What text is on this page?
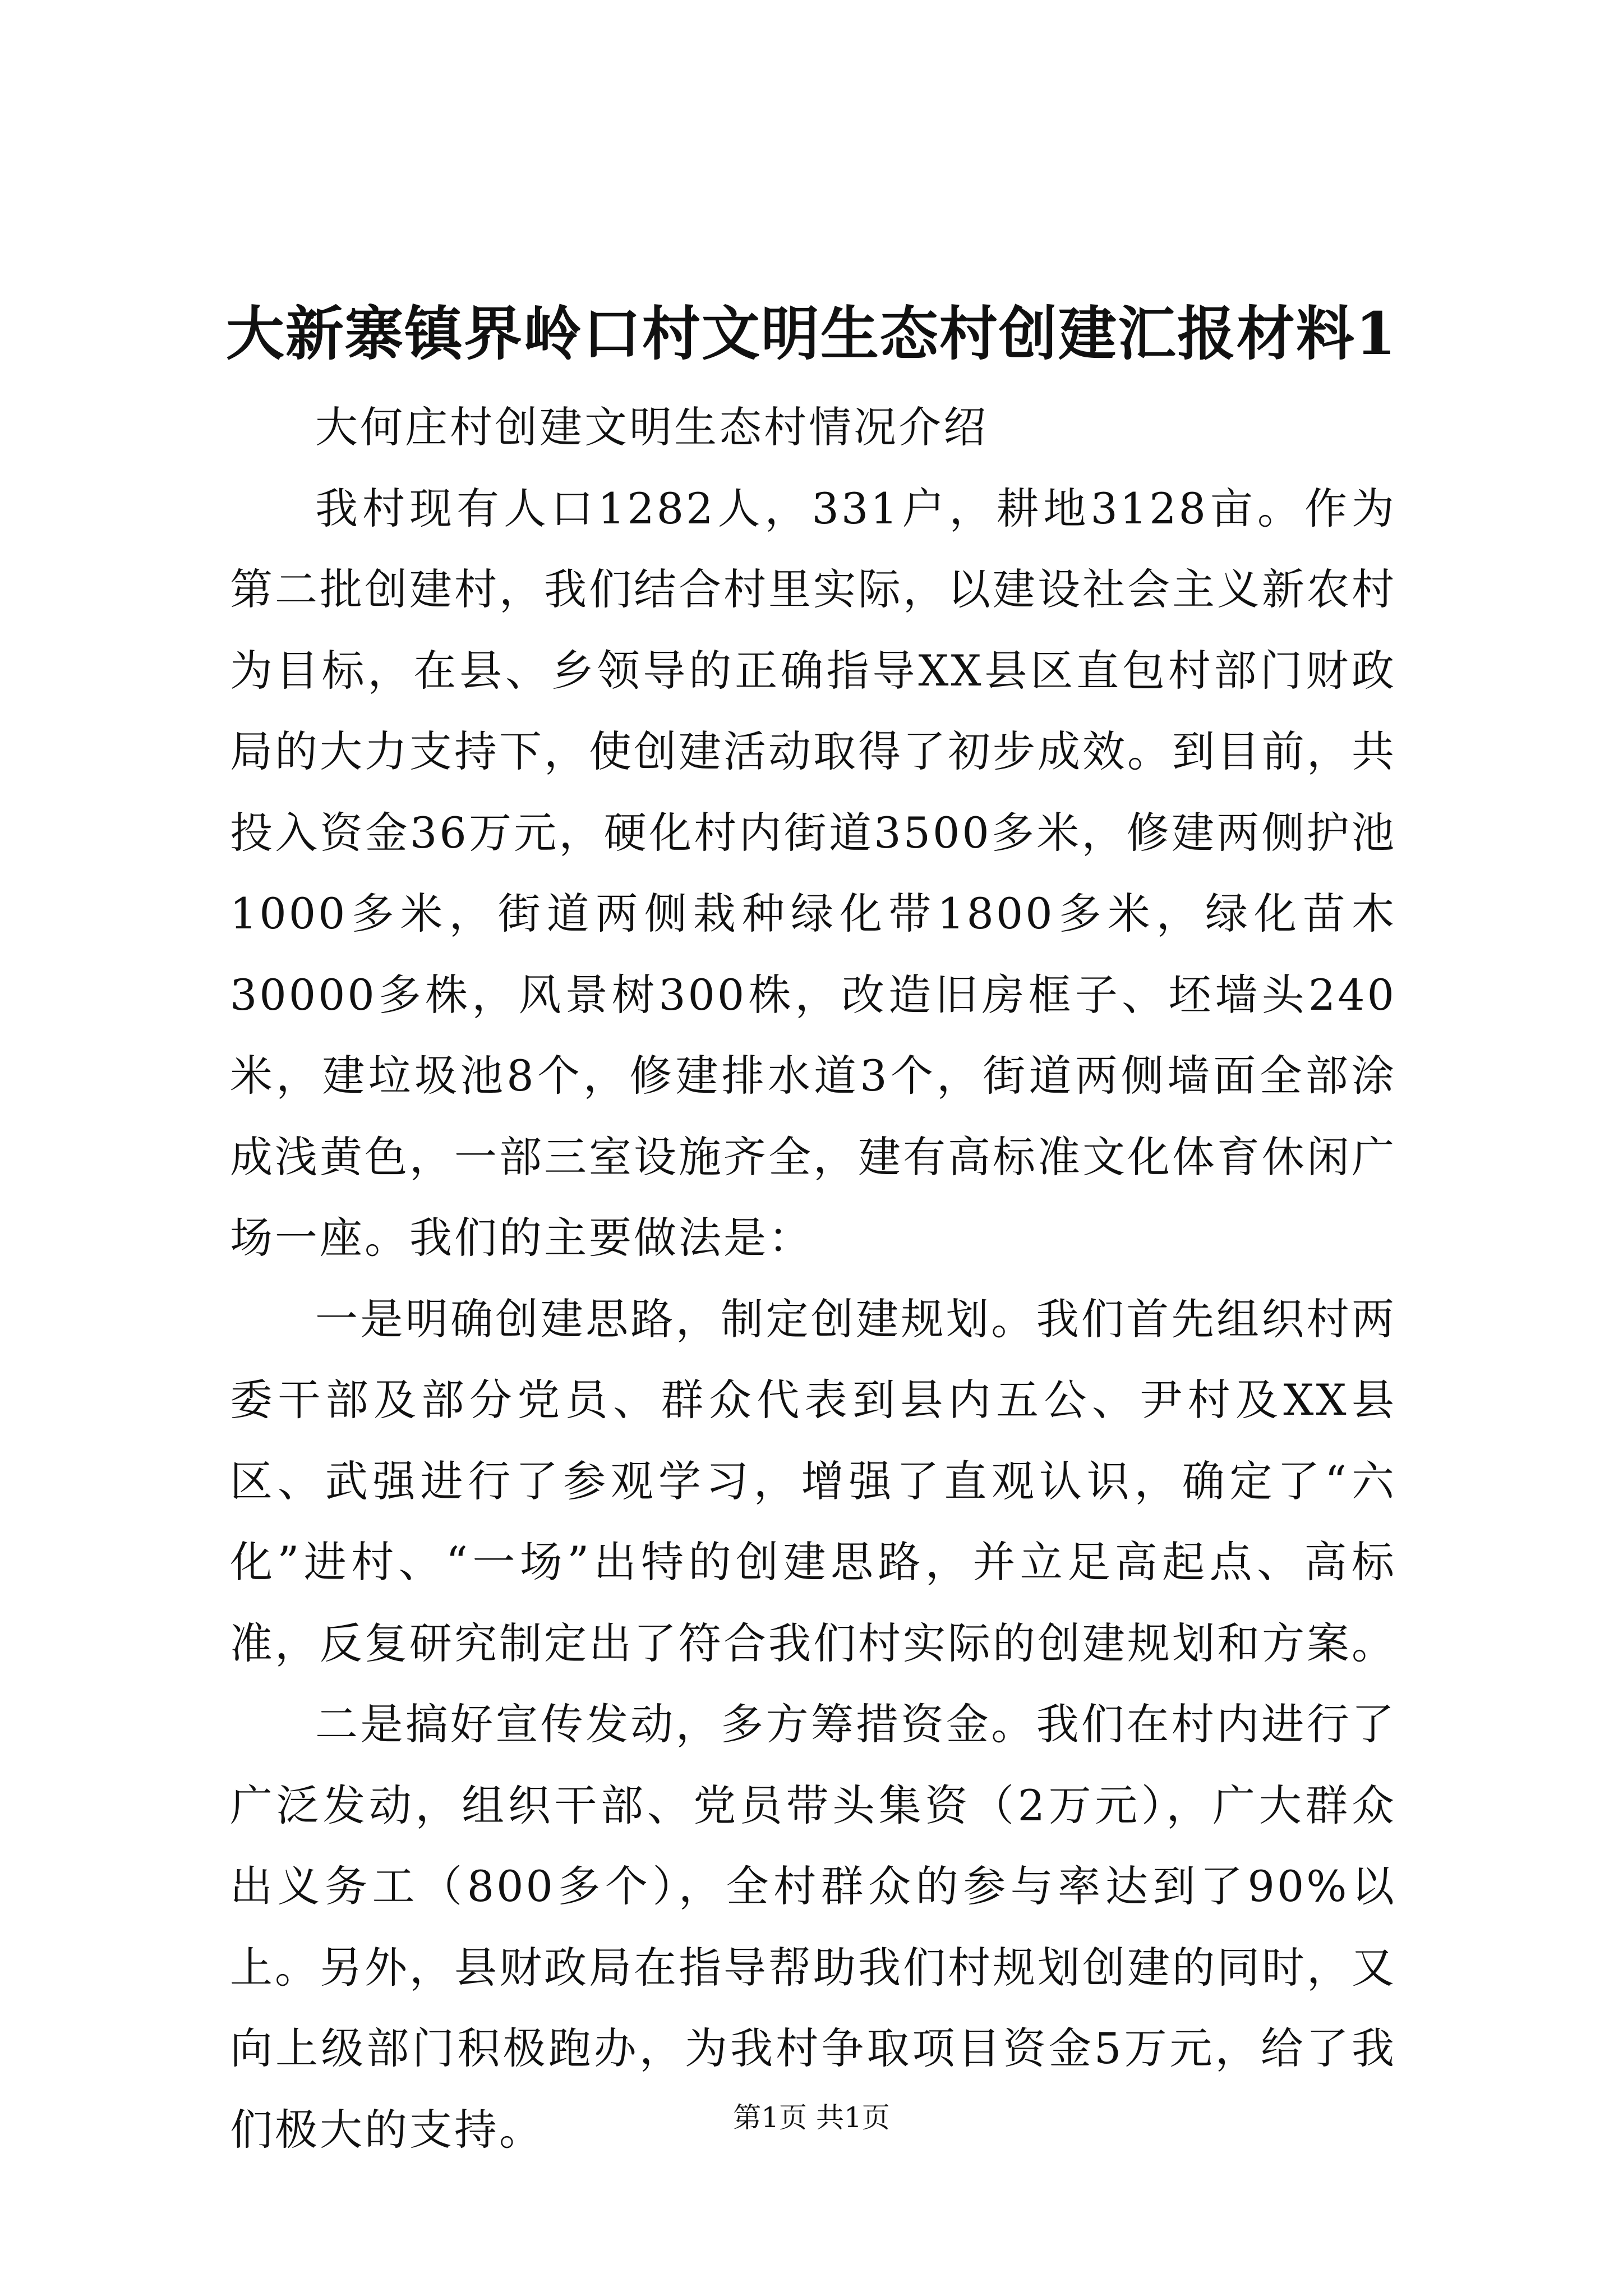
大新寨镇界岭口村文明生态村创建汇报材料1

大何庄村创建文明生态村情况介绍

我村现有人口1282人，331户，耕地3128亩。作为第二批创建村，我们结合村里实际，以建设社会主义新农村为目标，在县、乡领导的正确指导XX县区直包村部门财政局的大力支持下，使创建活动取得了初步成效。到目前，共投入资金36万元，硬化村内街道3500多米，修建两侧护池1000多米，街道两侧栽种绿化带1800多米，绿化苗木30000多株，风景树300株，改造旧房框子、坯墙头240米，建垃圾池8个，修建排水道3个，街道两侧墙面全部涂成浅黄色，一部三室设施齐全，建有高标准文化体育休闲广场一座。我们的主要做法是：

一是明确创建思路，制定创建规划。我们首先组织村两委干部及部分党员、群众代表到县内五公、尹村及XX县区、武强进行了参观学习，增强了直观认识，确定了“六化”进村、“一场”出特的创建思路，并立足高起点、高标准，反复研究制定出了符合我们村实际的创建规划和方案。

二是搞好宣传发动，多方筹措资金。我们在村内进行了广泛发动，组织干部、党员带头集资（2万元），广大群众出义务工（800多个），全村群众的参与率达到了90%以上。另外，县财政局在指导帮助我们村规划创建的同时，又向上级部门积极跑办，为我村争取项目资金5万元，给了我们极大的支持。	第1页 共1页
